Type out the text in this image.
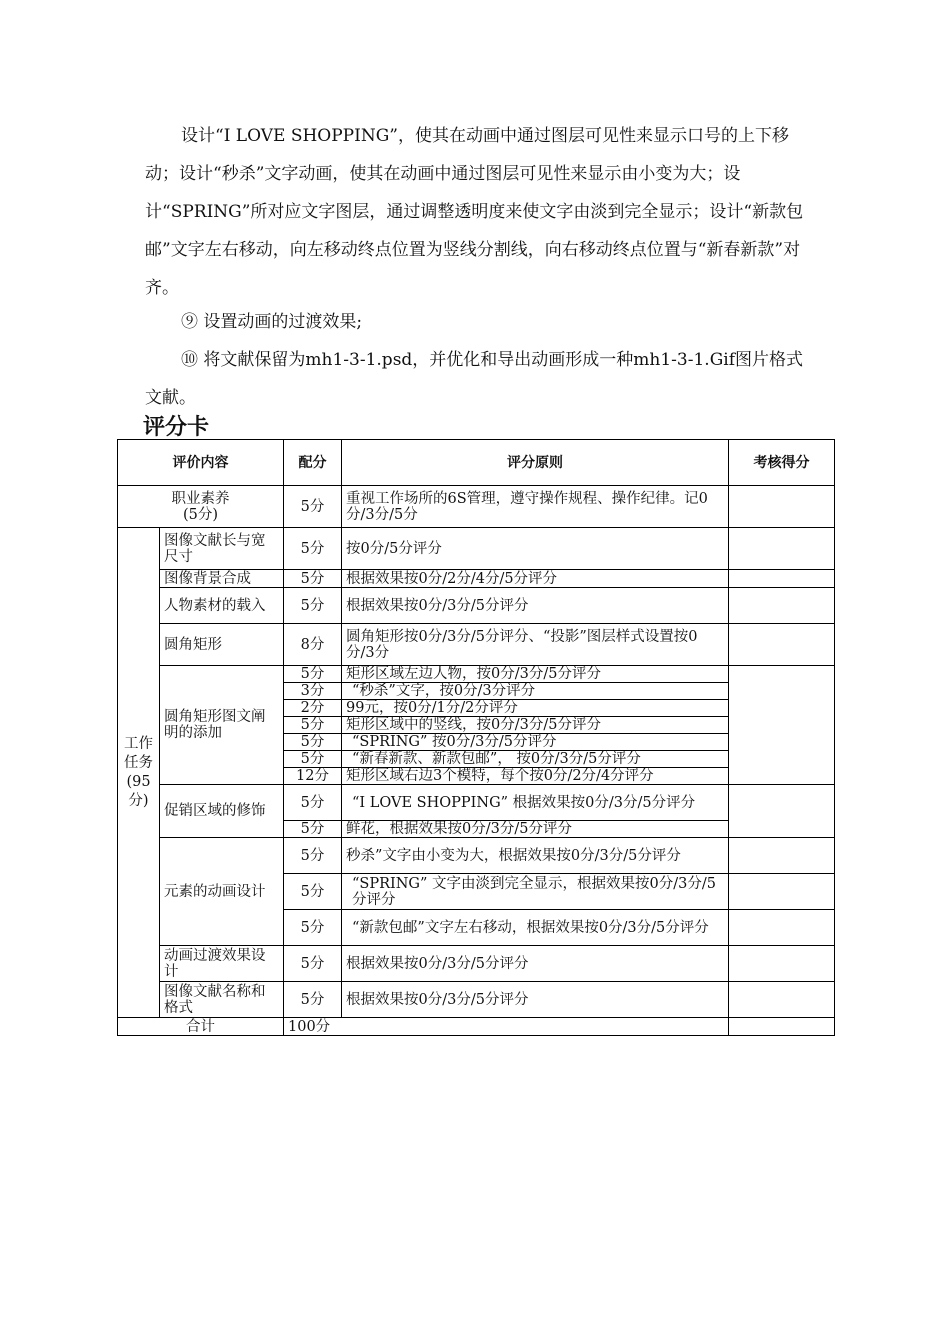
设计“I LOVE SHOPPING”，使其在动画中通过图层可见性来显示口号的上下移动；设计“秒杀”文字动画，使其在动画中通过图层可见性来显示由小变为大；设计“SPRING”所对应文字图层，通过调整透明度来使文字由淡到完全显示；设计“新款包邮”文字左右移动，向左移动终点位置为竖线分割线，向右移动终点位置与“新春新款”对齐。
⑨ 设置动画的过渡效果;
⑩ 将文献保留为mh1-3-1.psd，并优化和导出动画形成一种mh1-3-1.Gif图片格式文献。
评分卡
评价内容		配分	评分原则	考核得分

职业素养
(5分)		5分	重视工作场所的6S管理，遵守操作规程、操作纪律。记0分/3分/5分	
工作任务(95分)	图像文献长与宽尺寸	5分	按0分/5分评分	
	图像背景合成	5分	根据效果按0分/2分/4分/5分评分	
	人物素材的载入	5分	根据效果按0分/3分/5分评分	
	圆角矩形	8分	圆角矩形按0分/3分/5分评分、“投影”图层样式设置按0分/3分	
	圆角矩形图文阐明的添加	5分	矩形区域左边人物，按0分/3分/5分评分	
		3分	“秒杀”文字，按0分/3分评分	
		2分	99元，按0分/1分/2分评分	
		5分	矩形区域中的竖线，按0分/3分/5分评分	
		5分	“SPRING” 按0分/3分/5分评分	
		5分	“新春新款、新款包邮”， 按0分/3分/5分评分	
		12分	矩形区域右边3个模特，每个按0分/2分/4分评分	
	促销区域的修饰	5分	“I LOVE SHOPPING” 根据效果按0分/3分/5分评分	
		5分	鲜花，根据效果按0分/3分/5分评分	
	元素的动画设计	5分	秒杀”文字由小变为大，根据效果按0分/3分/5分评分	
		5分	“SPRING” 文字由淡到完全显示，根据效果按0分/3分/5分评分	
		5分	“新款包邮”文字左右移动，根据效果按0分/3分/5分评分	
	动画过渡效果设计	5分	根据效果按0分/3分/5分评分	
	图像文献名称和格式	5分	根据效果按0分/3分/5分评分	
合计		100分		
